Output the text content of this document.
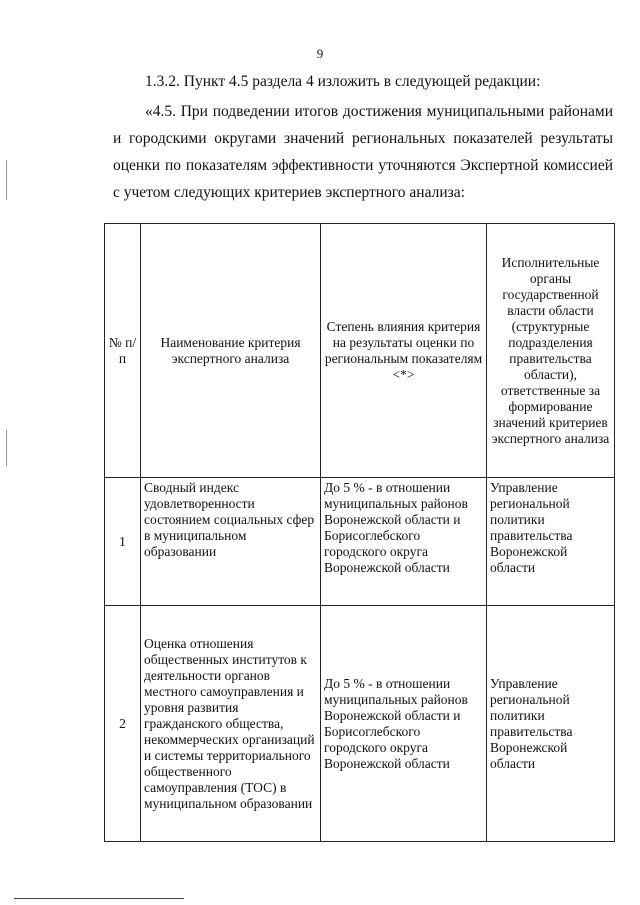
9

1.3.2. Пункт 4.5 раздела 4 изложить в следующей редакции:

«4.5. При подведении итогов достижения муниципальными районами и городскими округами значений региональных показателей результаты оценки по показателям эффективности уточняются Экспертной комиссией с учетом следующих критериев экспертного анализа:

№ п/п	Наименование критерия экспертного анализа	Степень влияния критерия на результаты оценки по региональным показателям <*>	Исполнительные органы государственной власти области (структурные подразделения правительства области), ответственные за формирование значений критериев экспертного анализа
1	Сводный индекс удовлетворенности состоянием социальных сфер в муниципальном образовании	До 5 % - в отношении муниципальных районов Воронежской области и Борисоглебского городского округа Воронежской области	Управление региональной политики правительства Воронежской области
2	Оценка отношения общественных институтов к деятельности органов местного самоуправления и уровня развития гражданского общества, некоммерческих организаций и системы территориального общественного самоуправления (ТОС) в муниципальном образовании	До 5 % - в отношении муниципальных районов Воронежской области и Борисоглебского городского округа Воронежской области	Управление региональной политики правительства Воронежской области
